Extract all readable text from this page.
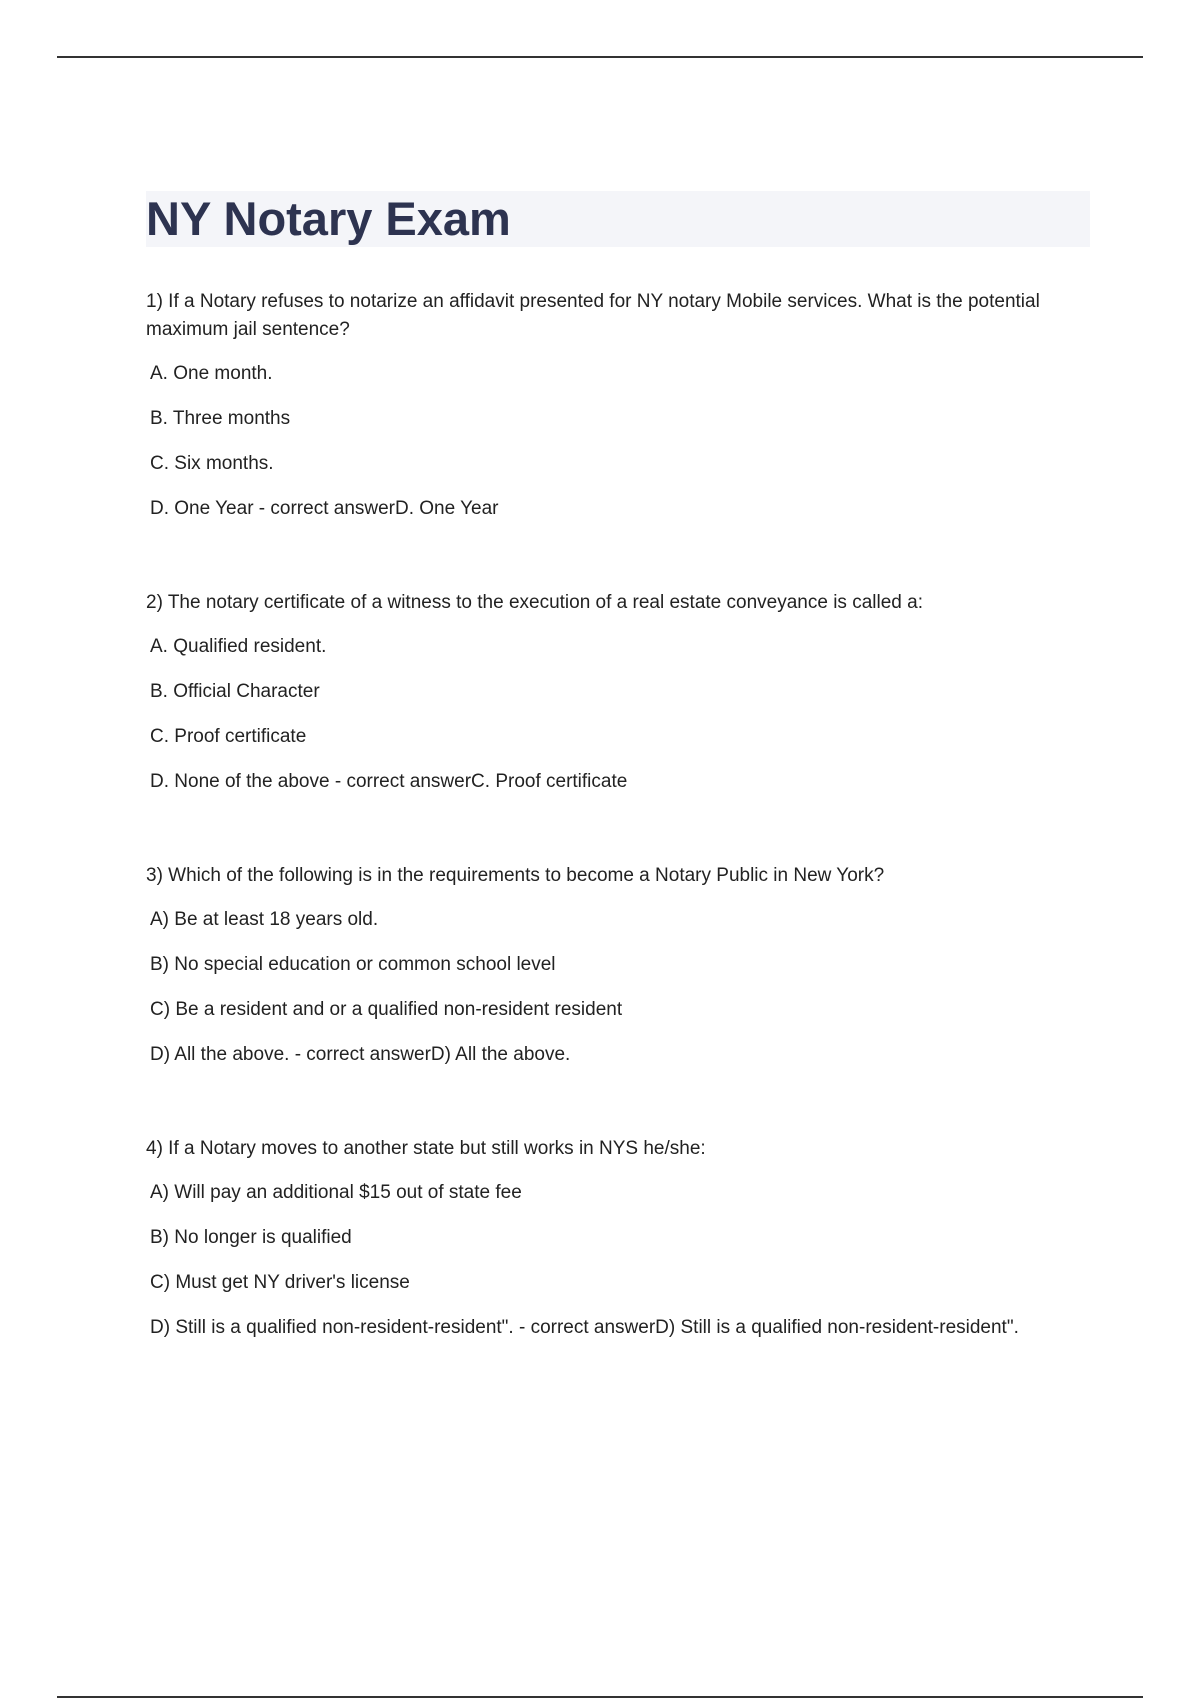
NY Notary Exam

1) If a Notary refuses to notarize an affidavit presented for NY notary Mobile services. What is the potential maximum jail sentence?

A. One month.
B. Three months
C. Six months.
D. One Year - correct answerD. One Year

2) The notary certificate of a witness to the execution of a real estate conveyance is called a:

A. Qualified resident.
B. Official Character
C. Proof certificate
D. None of the above - correct answerC. Proof certificate

3) Which of the following is in the requirements to become a Notary Public in New York?

A) Be at least 18 years old.
B) No special education or common school level
C) Be a resident and or a qualified non-resident resident
D) All the above. - correct answerD) All the above.

4) If a Notary moves to another state but still works in NYS he/she:

A) Will pay an additional $15 out of state fee
B) No longer is qualified
C) Must get NY driver's license
D) Still is a qualified non-resident-resident". - correct answerD) Still is a qualified non-resident-resident".
